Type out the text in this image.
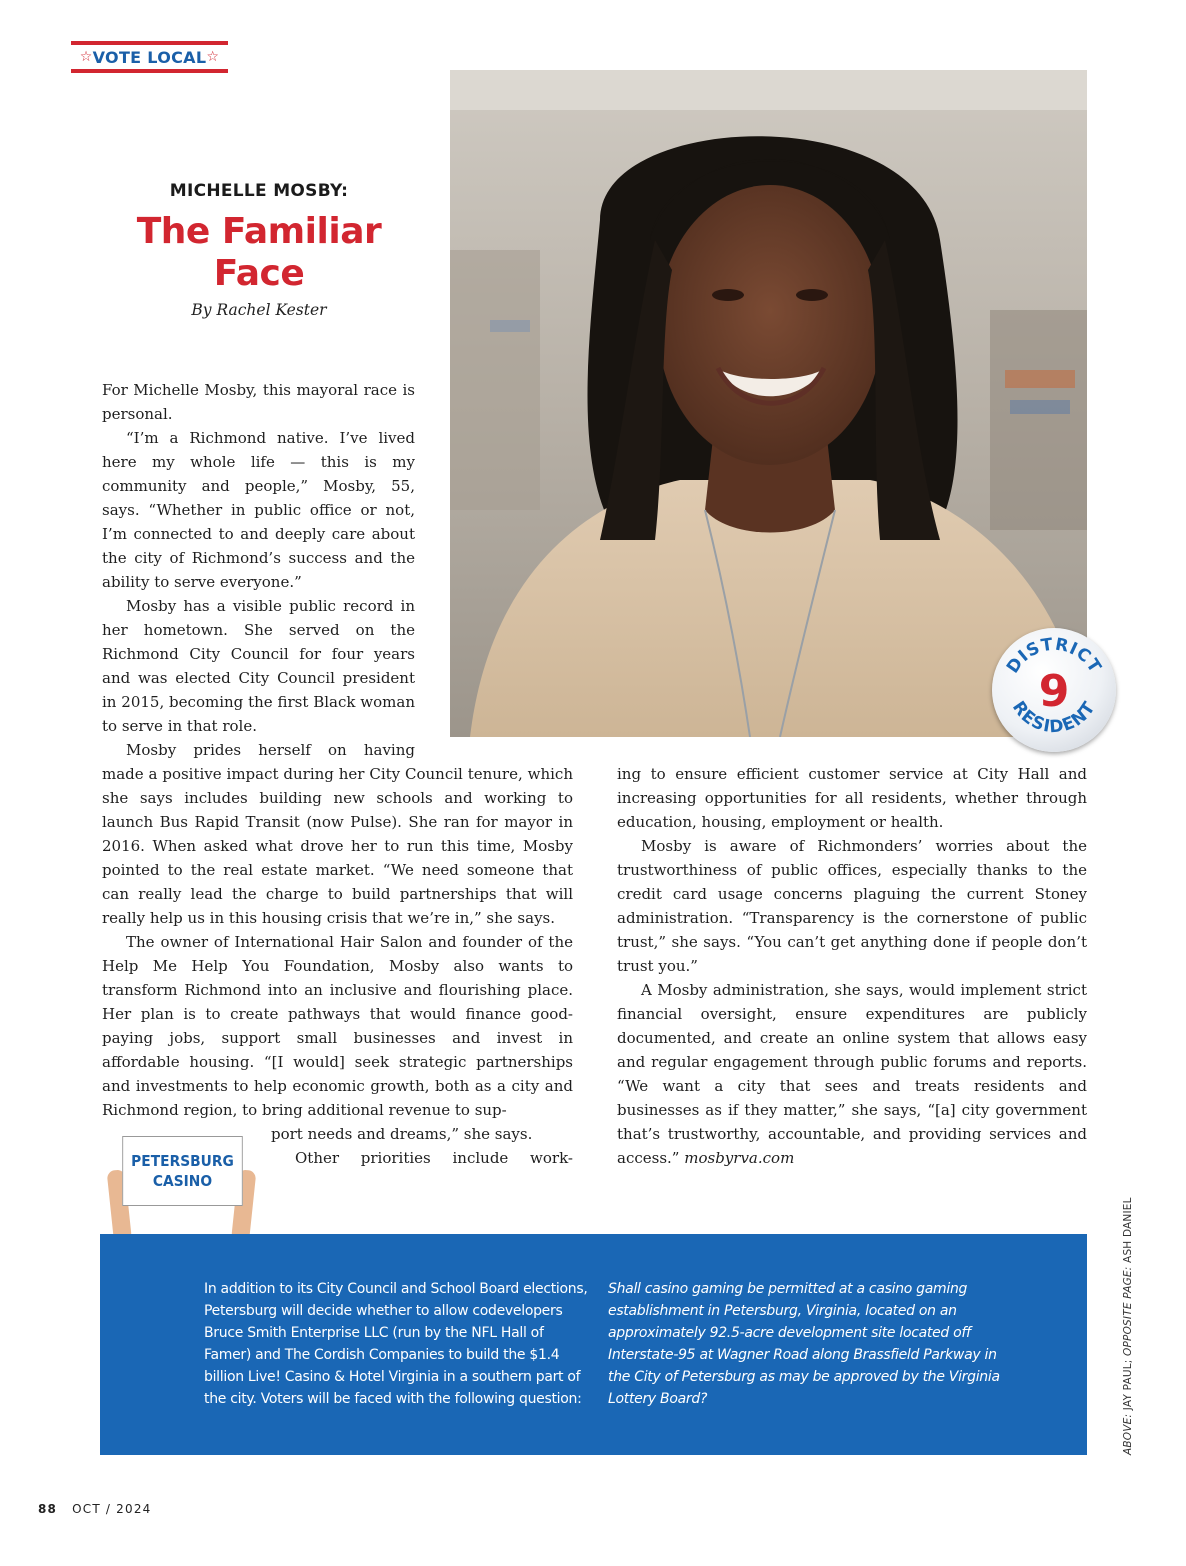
☆ VOTE LOCAL ☆
DISTRICT
9
RESIDENT
MICHELLE MOSBY:
The Familiar
Face
By Rachel Kester

For Michelle Mosby, this mayoral race is personal.

“I’m a Richmond native. I’ve lived here my whole life — this is my community and people,” Mosby, 55, says. “Whether in public office or not, I’m connected to and deeply care about the city of Richmond’s success and the ability to serve everyone.”

Mosby has a visible public record in her hometown. She served on the Richmond City Council for four years and was elected City Council president in 2015, becoming the first Black woman to serve in that role.

Mosby prides herself on having

made a positive impact during her City Council tenure, which she says includes building new schools and working to launch Bus Rapid Transit (now Pulse). She ran for mayor in 2016. When asked what drove her to run this time, Mosby pointed to the real estate market. “We need someone that can really lead the charge to build partnerships that will really help us in this housing crisis that we’re in,” she says.

The owner of International Hair Salon and founder of the Help Me Help You Foundation, Mosby also wants to transform Richmond into an inclusive and flourishing place. Her plan is to create pathways that would finance good-paying jobs, support small businesses and invest in affordable housing. “[I would] seek strategic partnerships and investments to help economic growth, both as a city and Richmond region, to bring additional revenue to sup-

port needs and dreams,” she says.

Other priorities include work-

ing to ensure efficient customer service at City Hall and increasing opportunities for all residents, whether through education, housing, employment or health.

Mosby is aware of Richmonders’ worries about the trustworthiness of public offices, especially thanks to the credit card usage concerns plaguing the current Stoney administration. “Transparency is the cornerstone of public trust,” she says. “You can’t get anything done if people don’t trust you.”

A Mosby administration, she says, would implement strict financial oversight, ensure expenditures are publicly documented, and create an online system that allows easy and regular engagement through public forums and reports. “We want a city that sees and treats residents and businesses as if they matter,” she says, “[a] city government that’s trustworthy, accountable, and providing services and access.” mosbyrva.com

PETERSBURG
CASINO
In addition to its City Council and School Board elections, Petersburg will decide whether to allow codevelopers Bruce Smith Enterprise LLC (run by the NFL Hall of Famer) and The Cordish Companies to build the $1.4 billion Live! Casino & Hotel Virginia in a southern part of the city. Voters will be faced with the following question:
Shall casino gaming be permitted at a casino gaming establishment in Petersburg, Virginia, located on an approximately 92.5-acre development site located off Interstate-95 at Wagner Road along Brassfield Parkway in the City of Petersburg as may be approved by the Virginia Lottery Board?
ABOVE: JAY PAUL; OPPOSITE PAGE: ASH DANIEL
88 OCT / 2024
